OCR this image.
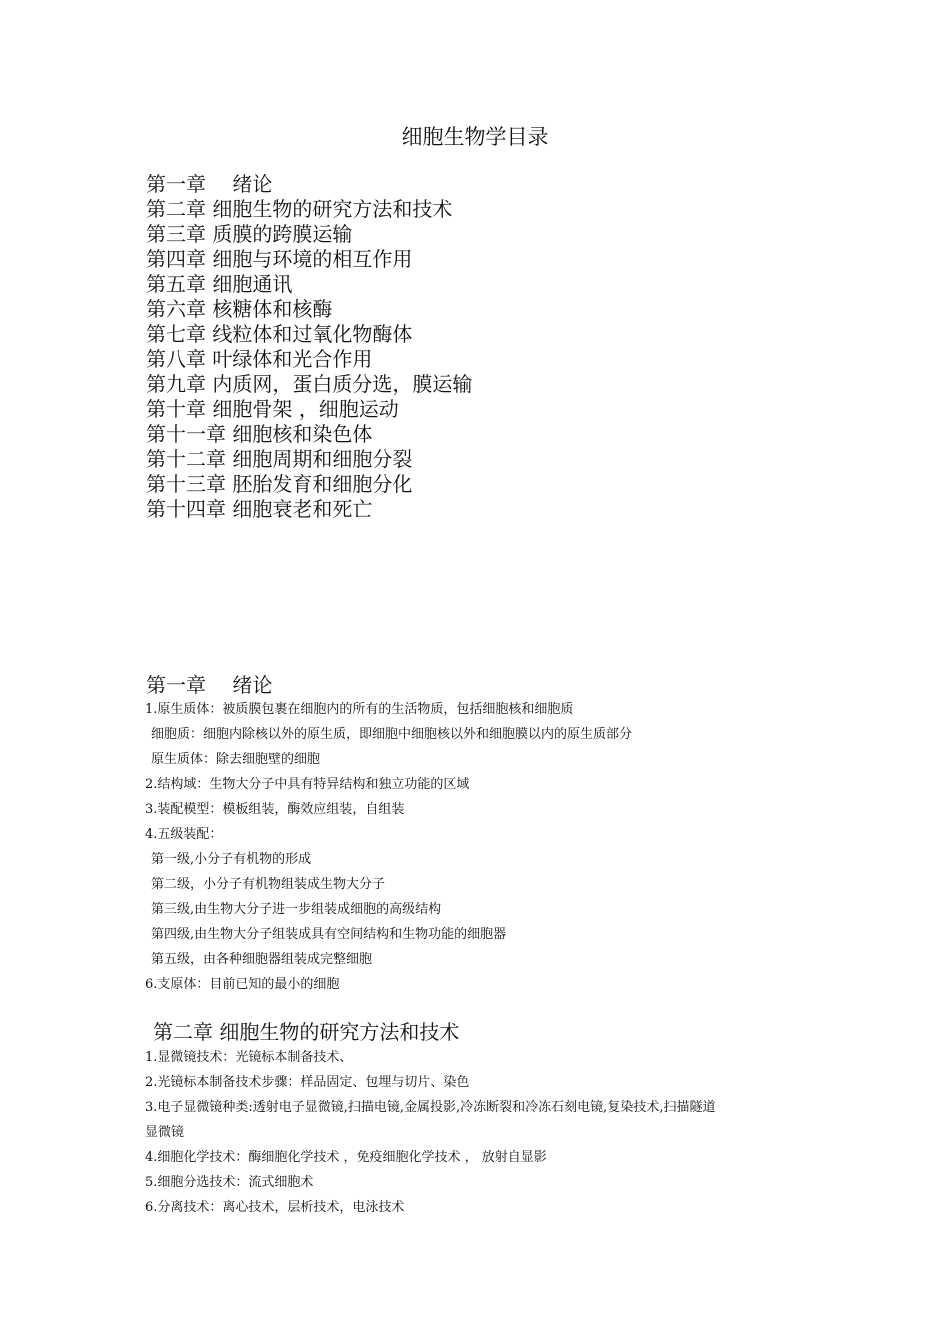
细胞生物学目录
第一章　 绪论
第二章 细胞生物的研究方法和技术
第三章 质膜的跨膜运输
第四章 细胞与环境的相互作用
第五章 细胞通讯
第六章 核糖体和核酶
第七章 线粒体和过氧化物酶体
第八章 叶绿体和光合作用
第九章 内质网，蛋白质分选，膜运输
第十章 细胞骨架 ，细胞运动
第十一章 细胞核和染色体
第十二章 细胞周期和细胞分裂
第十三章 胚胎发育和细胞分化
第十四章 细胞衰老和死亡
第一章　 绪论
1.原生质体：被质膜包裹在细胞内的所有的生活物质，包括细胞核和细胞质
细胞质：细胞内除核以外的原生质，即细胞中细胞核以外和细胞膜以内的原生质部分
原生质体：除去细胞壁的细胞
2.结构域：生物大分子中具有特异结构和独立功能的区域
3.装配模型：模板组装，酶效应组装，自组装
4.五级装配：
第一级,小分子有机物的形成
第二级，小分子有机物组装成生物大分子
第三级,由生物大分子进一步组装成细胞的高级结构
第四级,由生物大分子组装成具有空间结构和生物功能的细胞器
第五级，由各种细胞器组装成完整细胞
6.支原体：目前已知的最小的细胞
第二章 细胞生物的研究方法和技术
1.显微镜技术：光镜标本制备技术、
2.光镜标本制备技术步骤：样品固定、包埋与切片、染色
3.电子显微镜种类:透射电子显微镜,扫描电镜,金属投影,冷冻断裂和冷冻石刻电镜,复染技术,扫描隧道
显微镜
4.细胞化学技术：酶细胞化学技术 ，免疫细胞化学技术 ， 放射自显影
5.细胞分选技术：流式细胞术
6.分离技术：离心技术，层析技术，电泳技术
